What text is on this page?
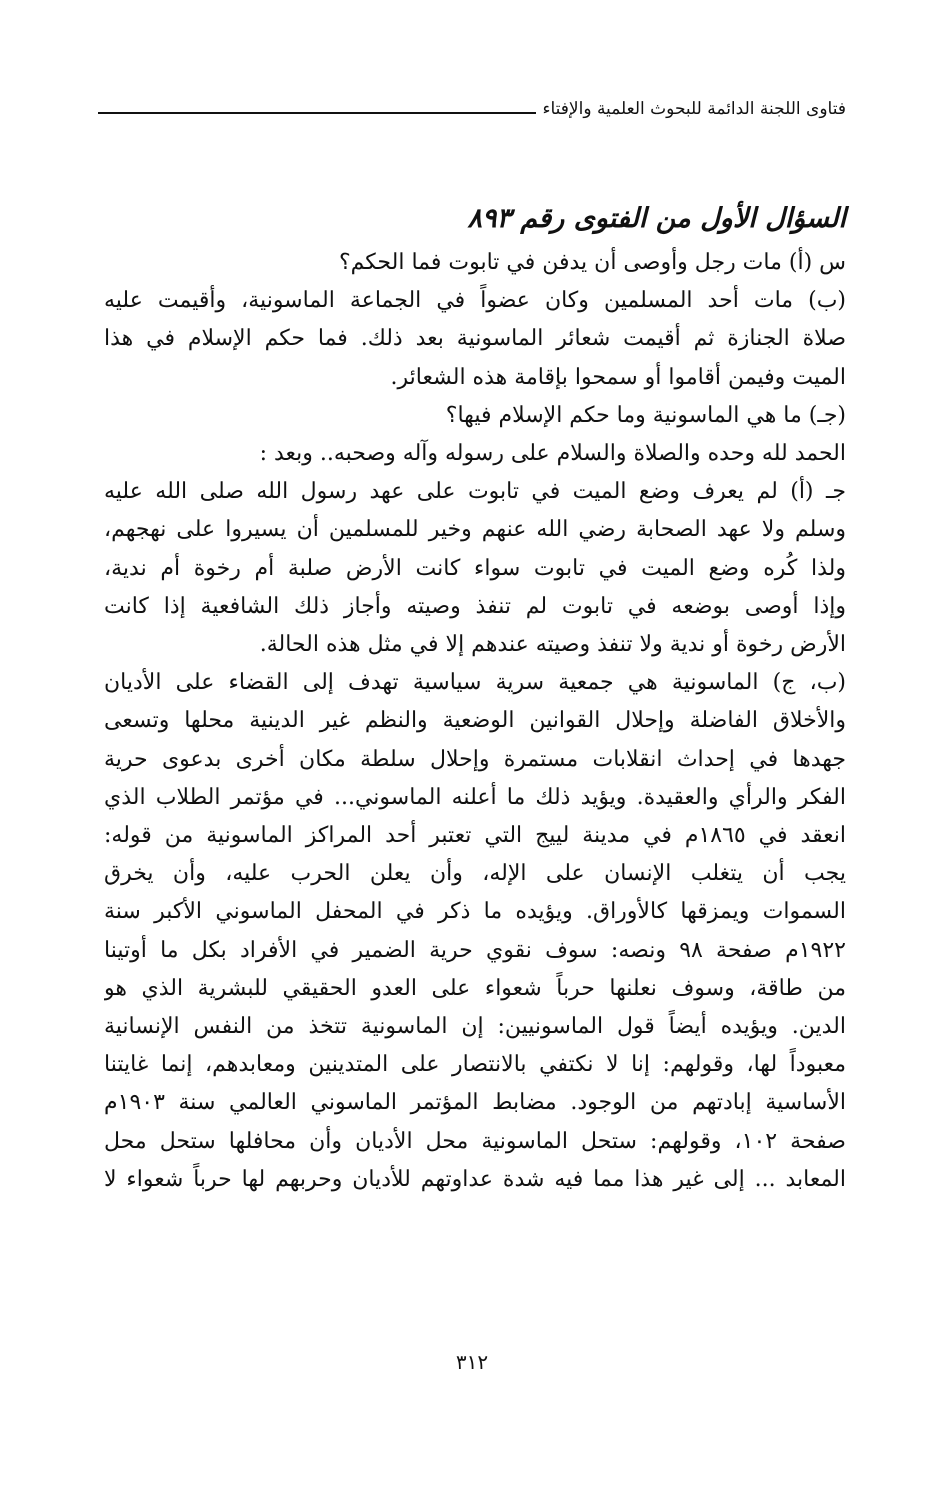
فتاوى اللجنة الدائمة للبحوث العلمية والإفتاء
السؤال الأول من الفتوى رقم ٨٩٣

س (أ) مات رجل وأوصى أن يدفن في تابوت فما الحكم؟

(ب) مات أحد المسلمين وكان عضواً في الجماعة الماسونية، وأقيمت عليه

صلاة الجنازة ثم أقيمت شعائر الماسونية بعد ذلك. فما حكم الإسلام في هذا

الميت وفيمن أقاموا أو سمحوا بإقامة هذه الشعائر.

(جـ) ما هي الماسونية وما حكم الإسلام فيها؟

الحمد لله وحده والصلاة والسلام على رسوله وآله وصحبه.. وبعد :

جـ (أ) لم يعرف وضع الميت في تابوت على عهد رسول الله صلى الله عليه

وسلم ولا عهد الصحابة رضي الله عنهم وخير للمسلمين أن يسيروا على نهجهم،

ولذا كُره وضع الميت في تابوت سواء كانت الأرض صلبة أم رخوة أم ندية،

وإذا أوصى بوضعه في تابوت لم تنفذ وصيته وأجاز ذلك الشافعية إذا كانت

الأرض رخوة أو ندية ولا تنفذ وصيته عندهم إلا في مثل هذه الحالة.

(ب، ج) الماسونية هي جمعية سرية سياسية تهدف إلى القضاء على الأديان

والأخلاق الفاضلة وإحلال القوانين الوضعية والنظم غير الدينية محلها وتسعى

جهدها في إحداث انقلابات مستمرة وإحلال سلطة مكان أخرى بدعوى حرية

الفكر والرأي والعقيدة. ويؤيد ذلك ما أعلنه الماسوني... في مؤتمر الطلاب الذي

انعقد في ١٨٦٥م في مدينة لييج التي تعتبر أحد المراكز الماسونية من قوله:

يجب أن يتغلب الإنسان على الإله، وأن يعلن الحرب عليه، وأن يخرق

السموات ويمزقها كالأوراق. ويؤيده ما ذكر في المحفل الماسوني الأكبر سنة

١٩٢٢م صفحة ٩٨ ونصه: سوف نقوي حرية الضمير في الأفراد بكل ما أوتينا

من طاقة، وسوف نعلنها حرباً شعواء على العدو الحقيقي للبشرية الذي هو

الدين. ويؤيده أيضاً قول الماسونيين: إن الماسونية تتخذ من النفس الإنسانية

معبوداً لها، وقولهم: إنا لا نكتفي بالانتصار على المتدينين ومعابدهم، إنما غايتنا

الأساسية إبادتهم من الوجود. مضابط المؤتمر الماسوني العالمي سنة ١٩٠٣م

صفحة ١٠٢، وقولهم: ستحل الماسونية محل الأديان وأن محافلها ستحل محل

المعابد ... إلى غير هذا مما فيه شدة عداوتهم للأديان وحربهم لها حرباً شعواء لا

٣١٢
